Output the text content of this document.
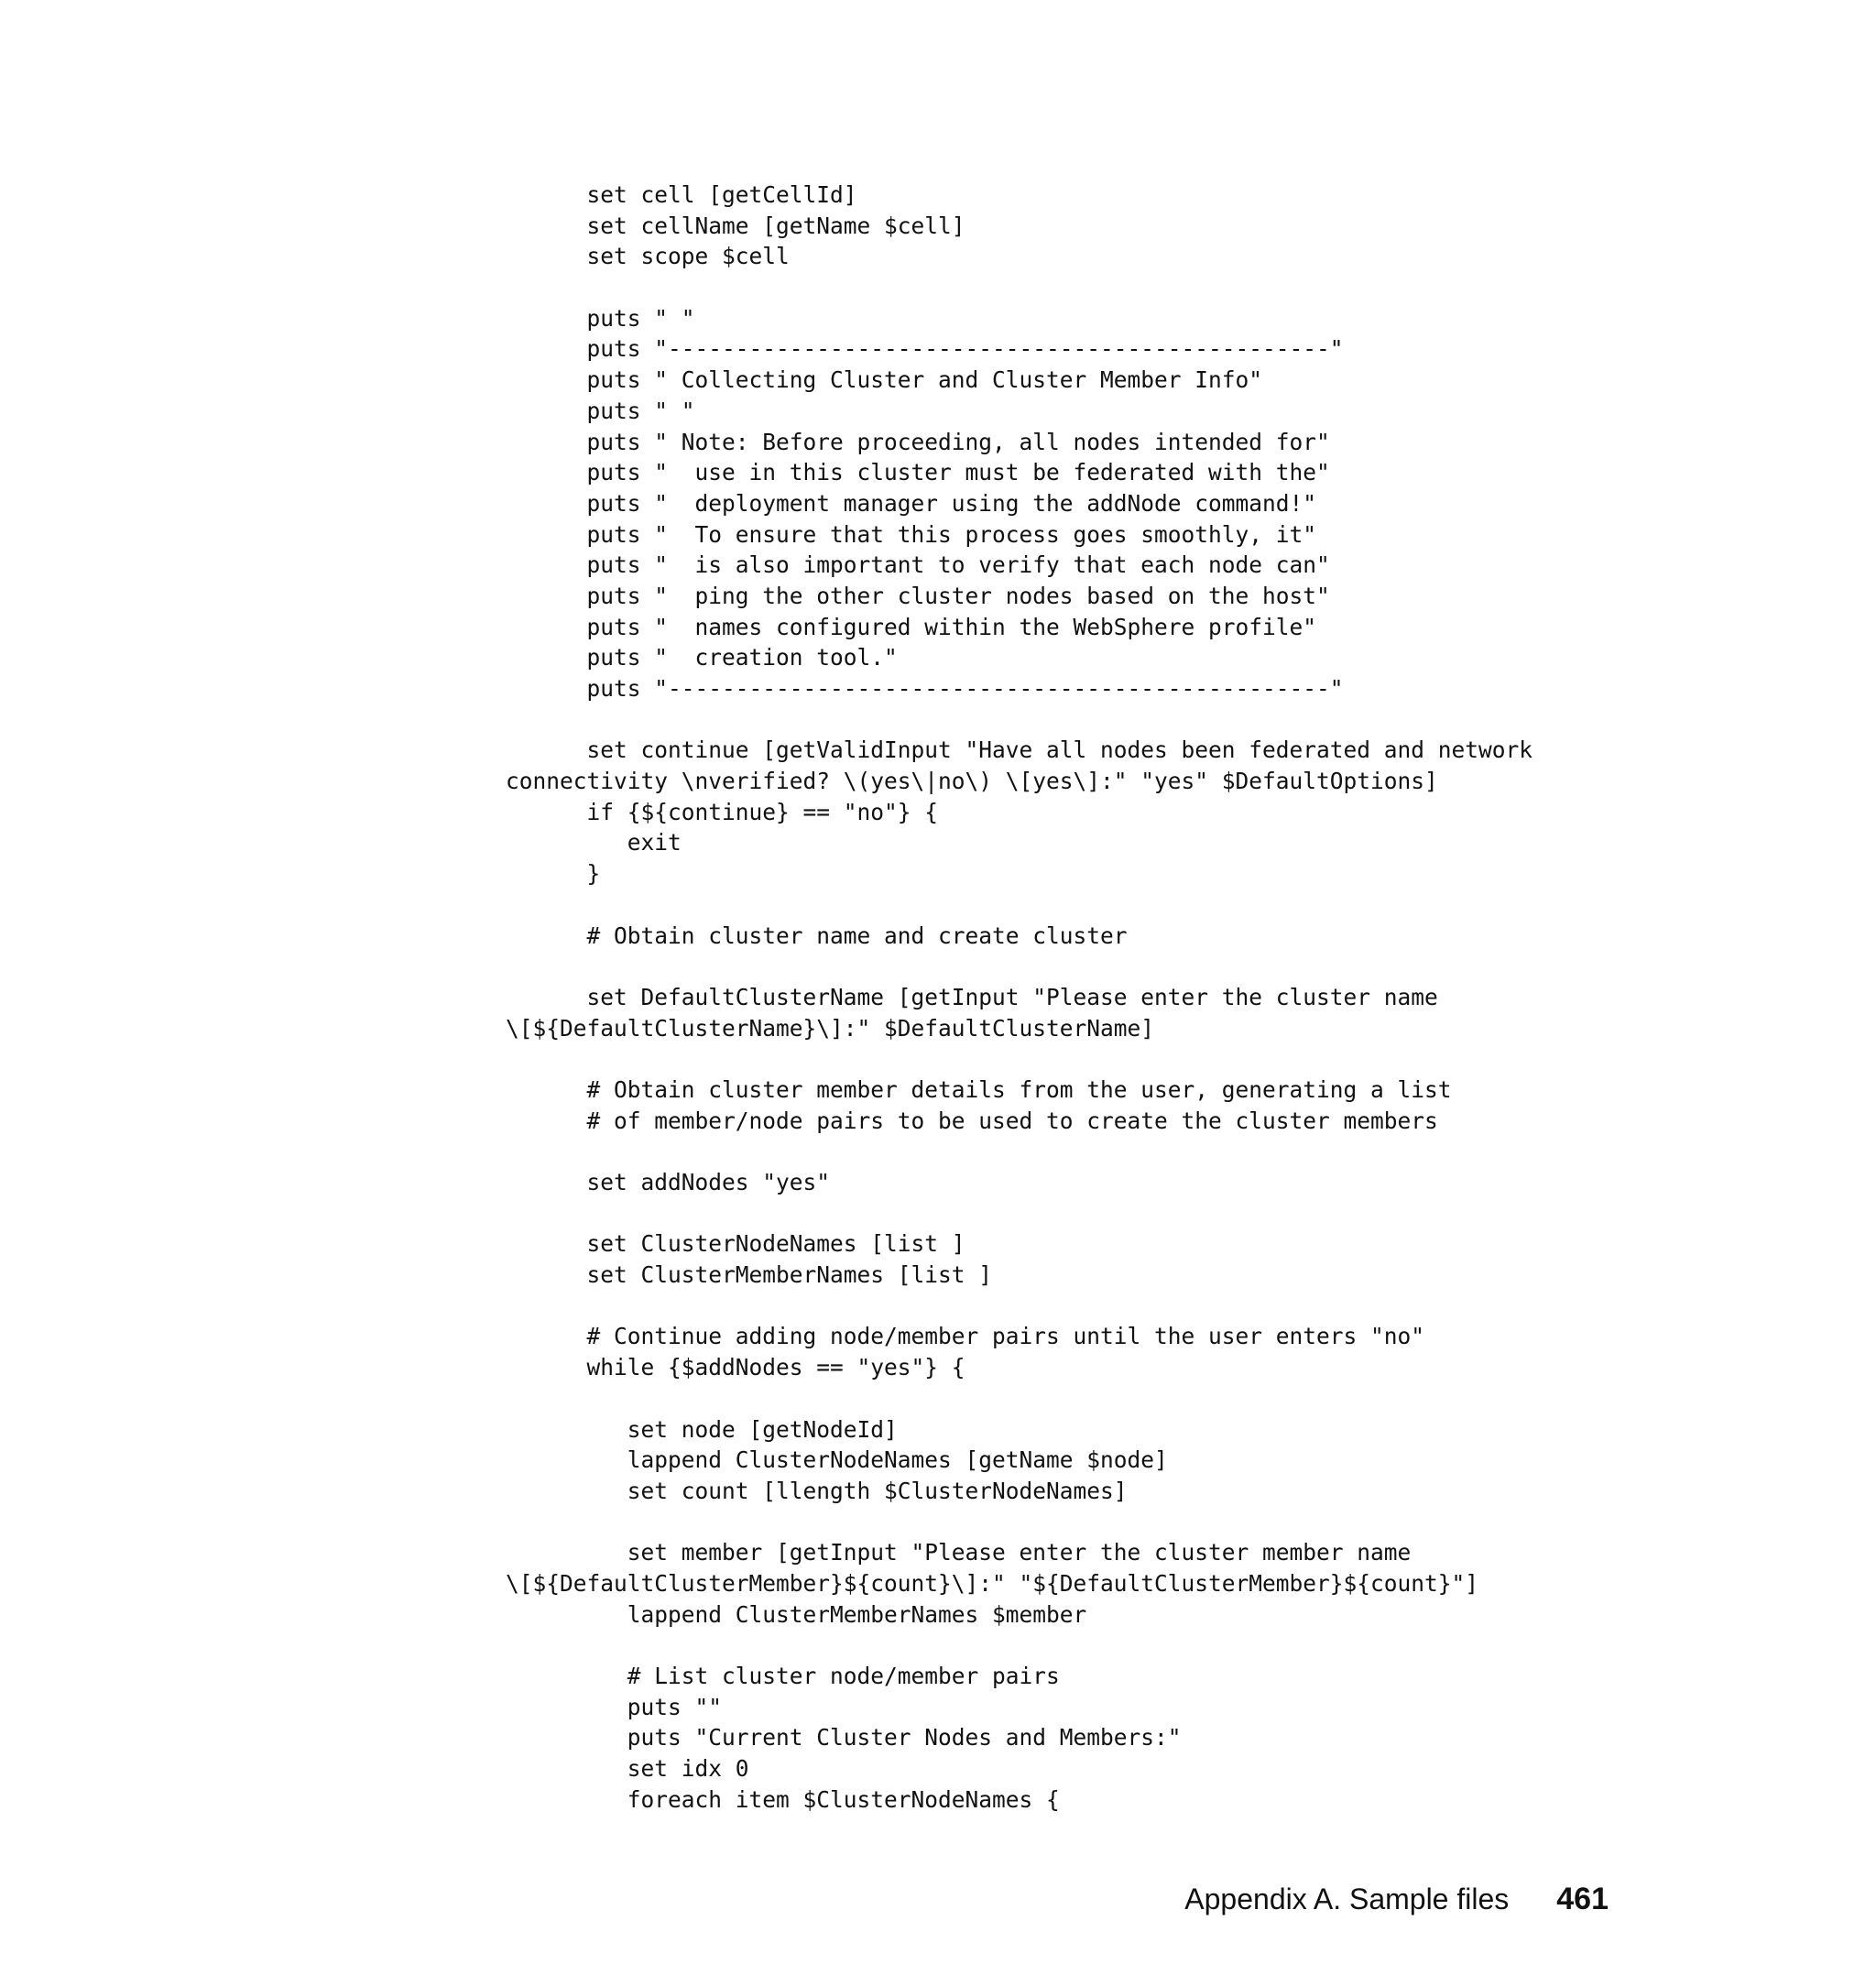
set cell [getCellId]
set cellName [getName $cell]
set scope $cell
puts " "
puts "-------------------------------------------------"
puts " Collecting Cluster and Cluster Member Info"
puts " "
puts " Note: Before proceeding, all nodes intended for"
puts "  use in this cluster must be federated with the"
puts "  deployment manager using the addNode command!"
puts "  To ensure that this process goes smoothly, it"
puts "  is also important to verify that each node can"
puts "  ping the other cluster nodes based on the host"
puts "  names configured within the WebSphere profile"
puts "  creation tool."
puts "-------------------------------------------------"
set continue [getValidInput "Have all nodes been federated and network
connectivity \nverified? \(yes\|no\) \[yes\]:" "yes" $DefaultOptions]
if {${continue} == "no"} {
exit
}
# Obtain cluster name and create cluster
set DefaultClusterName [getInput "Please enter the cluster name
\[${DefaultClusterName}\]:" $DefaultClusterName]
# Obtain cluster member details from the user, generating a list
# of member/node pairs to be used to create the cluster members
set addNodes "yes"
set ClusterNodeNames [list ]
set ClusterMemberNames [list ]
# Continue adding node/member pairs until the user enters "no"
while {$addNodes == "yes"} {
set node [getNodeId]
lappend ClusterNodeNames [getName $node]
set count [llength $ClusterNodeNames]
set member [getInput "Please enter the cluster member name
\[${DefaultClusterMember}${count}\]:" "${DefaultClusterMember}${count}"]
lappend ClusterMemberNames $member
# List cluster node/member pairs
puts ""
puts "Current Cluster Nodes and Members:"
set idx 0
foreach item $ClusterNodeNames {
Appendix A. Sample files 461
